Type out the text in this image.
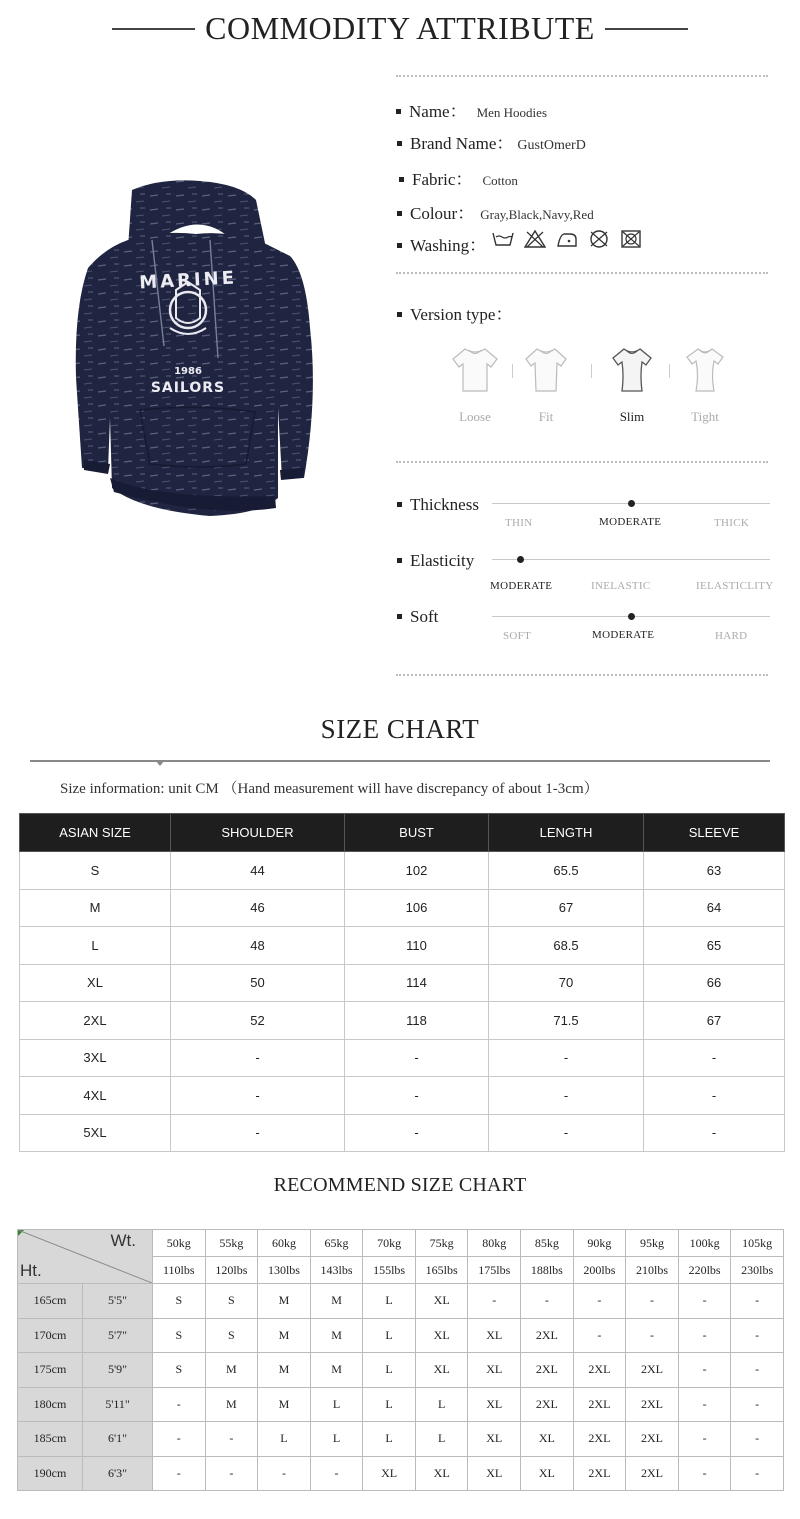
COMMODITY ATTRIBUTE
MARINE
1986
SAILORS
Name： Men Hoodies
Brand Name： GustOmerD
Fabric： Cotton
Colour： Gray,Black,Navy,Red
Washing：
Version type：
Loose	Fit	Slim	Tight
Thickness
THIN	MODERATE	THICK
Elasticity
MODERATE	INELASTIC	IELASTICLITY
Soft
SOFT	MODERATE	HARD
SIZE CHART
Size information: unit CM （Hand measurement will have discrepancy of about 1-3cm）
ASIAN SIZE	SHOULDER	BUST	LENGTH	SLEEVE
S	44	102	65.5	63
M	46	106	67	64
L	48	110	68.5	65
XL	50	114	70	66
2XL	52	118	71.5	67
3XL	-	-	-	-
4XL	-	-	-	-
5XL	-	-	-	-
RECOMMEND SIZE CHART
Wt.
Ht.		50kg	55kg	60kg	65kg	70kg	75kg	80kg	85kg	90kg	95kg	100kg	105kg
		110lbs	120lbs	130lbs	143lbs	155lbs	165lbs	175lbs	188lbs	200lbs	210lbs	220lbs	230lbs
165cm	5'5"	S	S	M	M	L	XL	-	-	-	-	-	-
170cm	5'7"	S	S	M	M	L	XL	XL	2XL	-	-	-	-
175cm	5'9"	S	M	M	M	L	XL	XL	2XL	2XL	2XL	-	-
180cm	5'11"	-	M	M	L	L	L	XL	2XL	2XL	2XL	-	-
185cm	6'1"	-	-	L	L	L	L	XL	XL	2XL	2XL	-	-
190cm	6'3"	-	-	-	-	XL	XL	XL	XL	2XL	2XL	-	-
